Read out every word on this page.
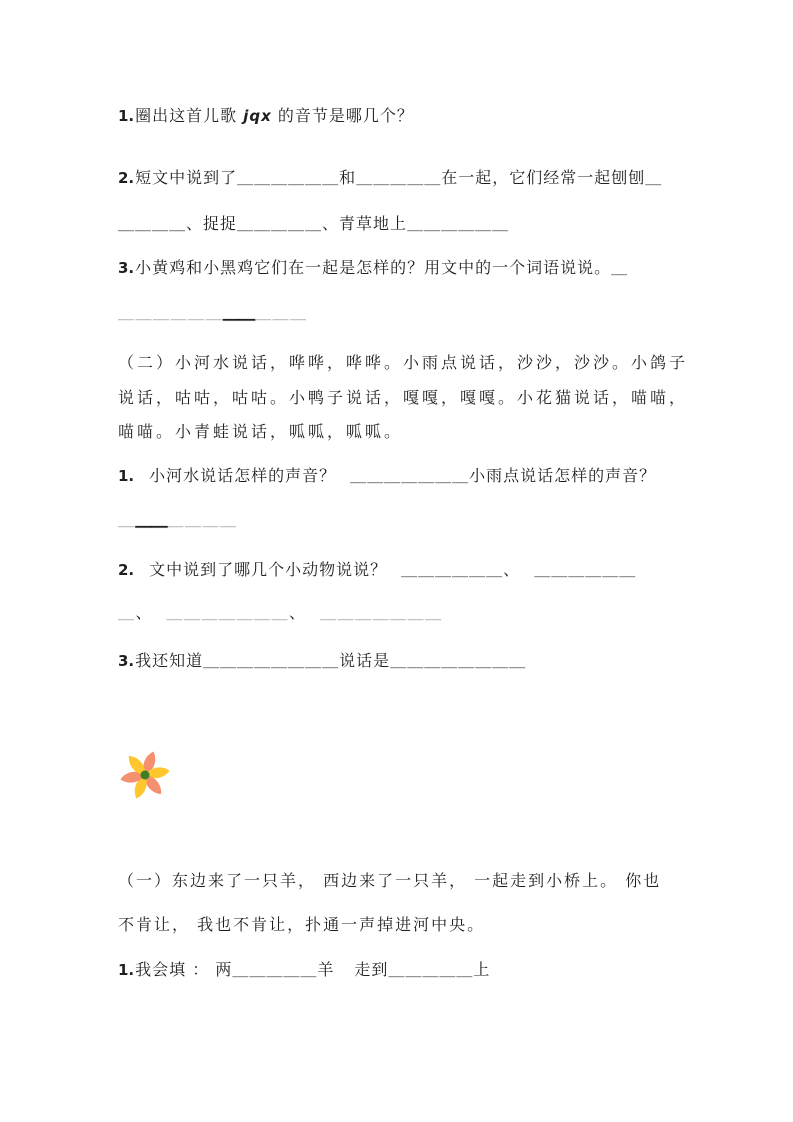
1.圈出这首儿歌 jqx 的音节是哪几个？
2.短文中说到了＿＿＿＿＿＿和＿＿＿＿＿在一起，它们经常一起刨刨＿
＿＿＿＿、捉捉＿＿＿＿＿、青草地上＿＿＿＿＿＿
3.小黄鸡和小黑鸡它们在一起是怎样的？用文中的一个词语说说。＿
＿＿＿＿＿＿＿＿＿＿＿
（二）小河水说话，哗哗，哗哗。小雨点说话，沙沙，沙沙。小鸽子
说话，咕咕，咕咕。小鸭子说话，嘎嘎，嘎嘎。小花猫说话，喵喵，
喵喵。小青蛙说话，呱呱，呱呱。
1. 小河水说话怎样的声音？ ＿＿＿＿＿＿＿小雨点说话怎样的声音？
＿＿＿＿＿＿＿
2. 文中说到了哪几个小动物说说？ ＿＿＿＿＿＿、 ＿＿＿＿＿＿
＿、 ＿＿＿＿＿＿＿、 ＿＿＿＿＿＿＿
3.我还知道＿＿＿＿＿＿＿＿说话是＿＿＿＿＿＿＿＿
（一）东边来了一只羊， 西边来了一只羊， 一起走到小桥上。 你也
不肯让， 我也不肯让，扑通一声掉进河中央。
1.我会填 ： 两＿＿＿＿＿羊 走到＿＿＿＿＿上
